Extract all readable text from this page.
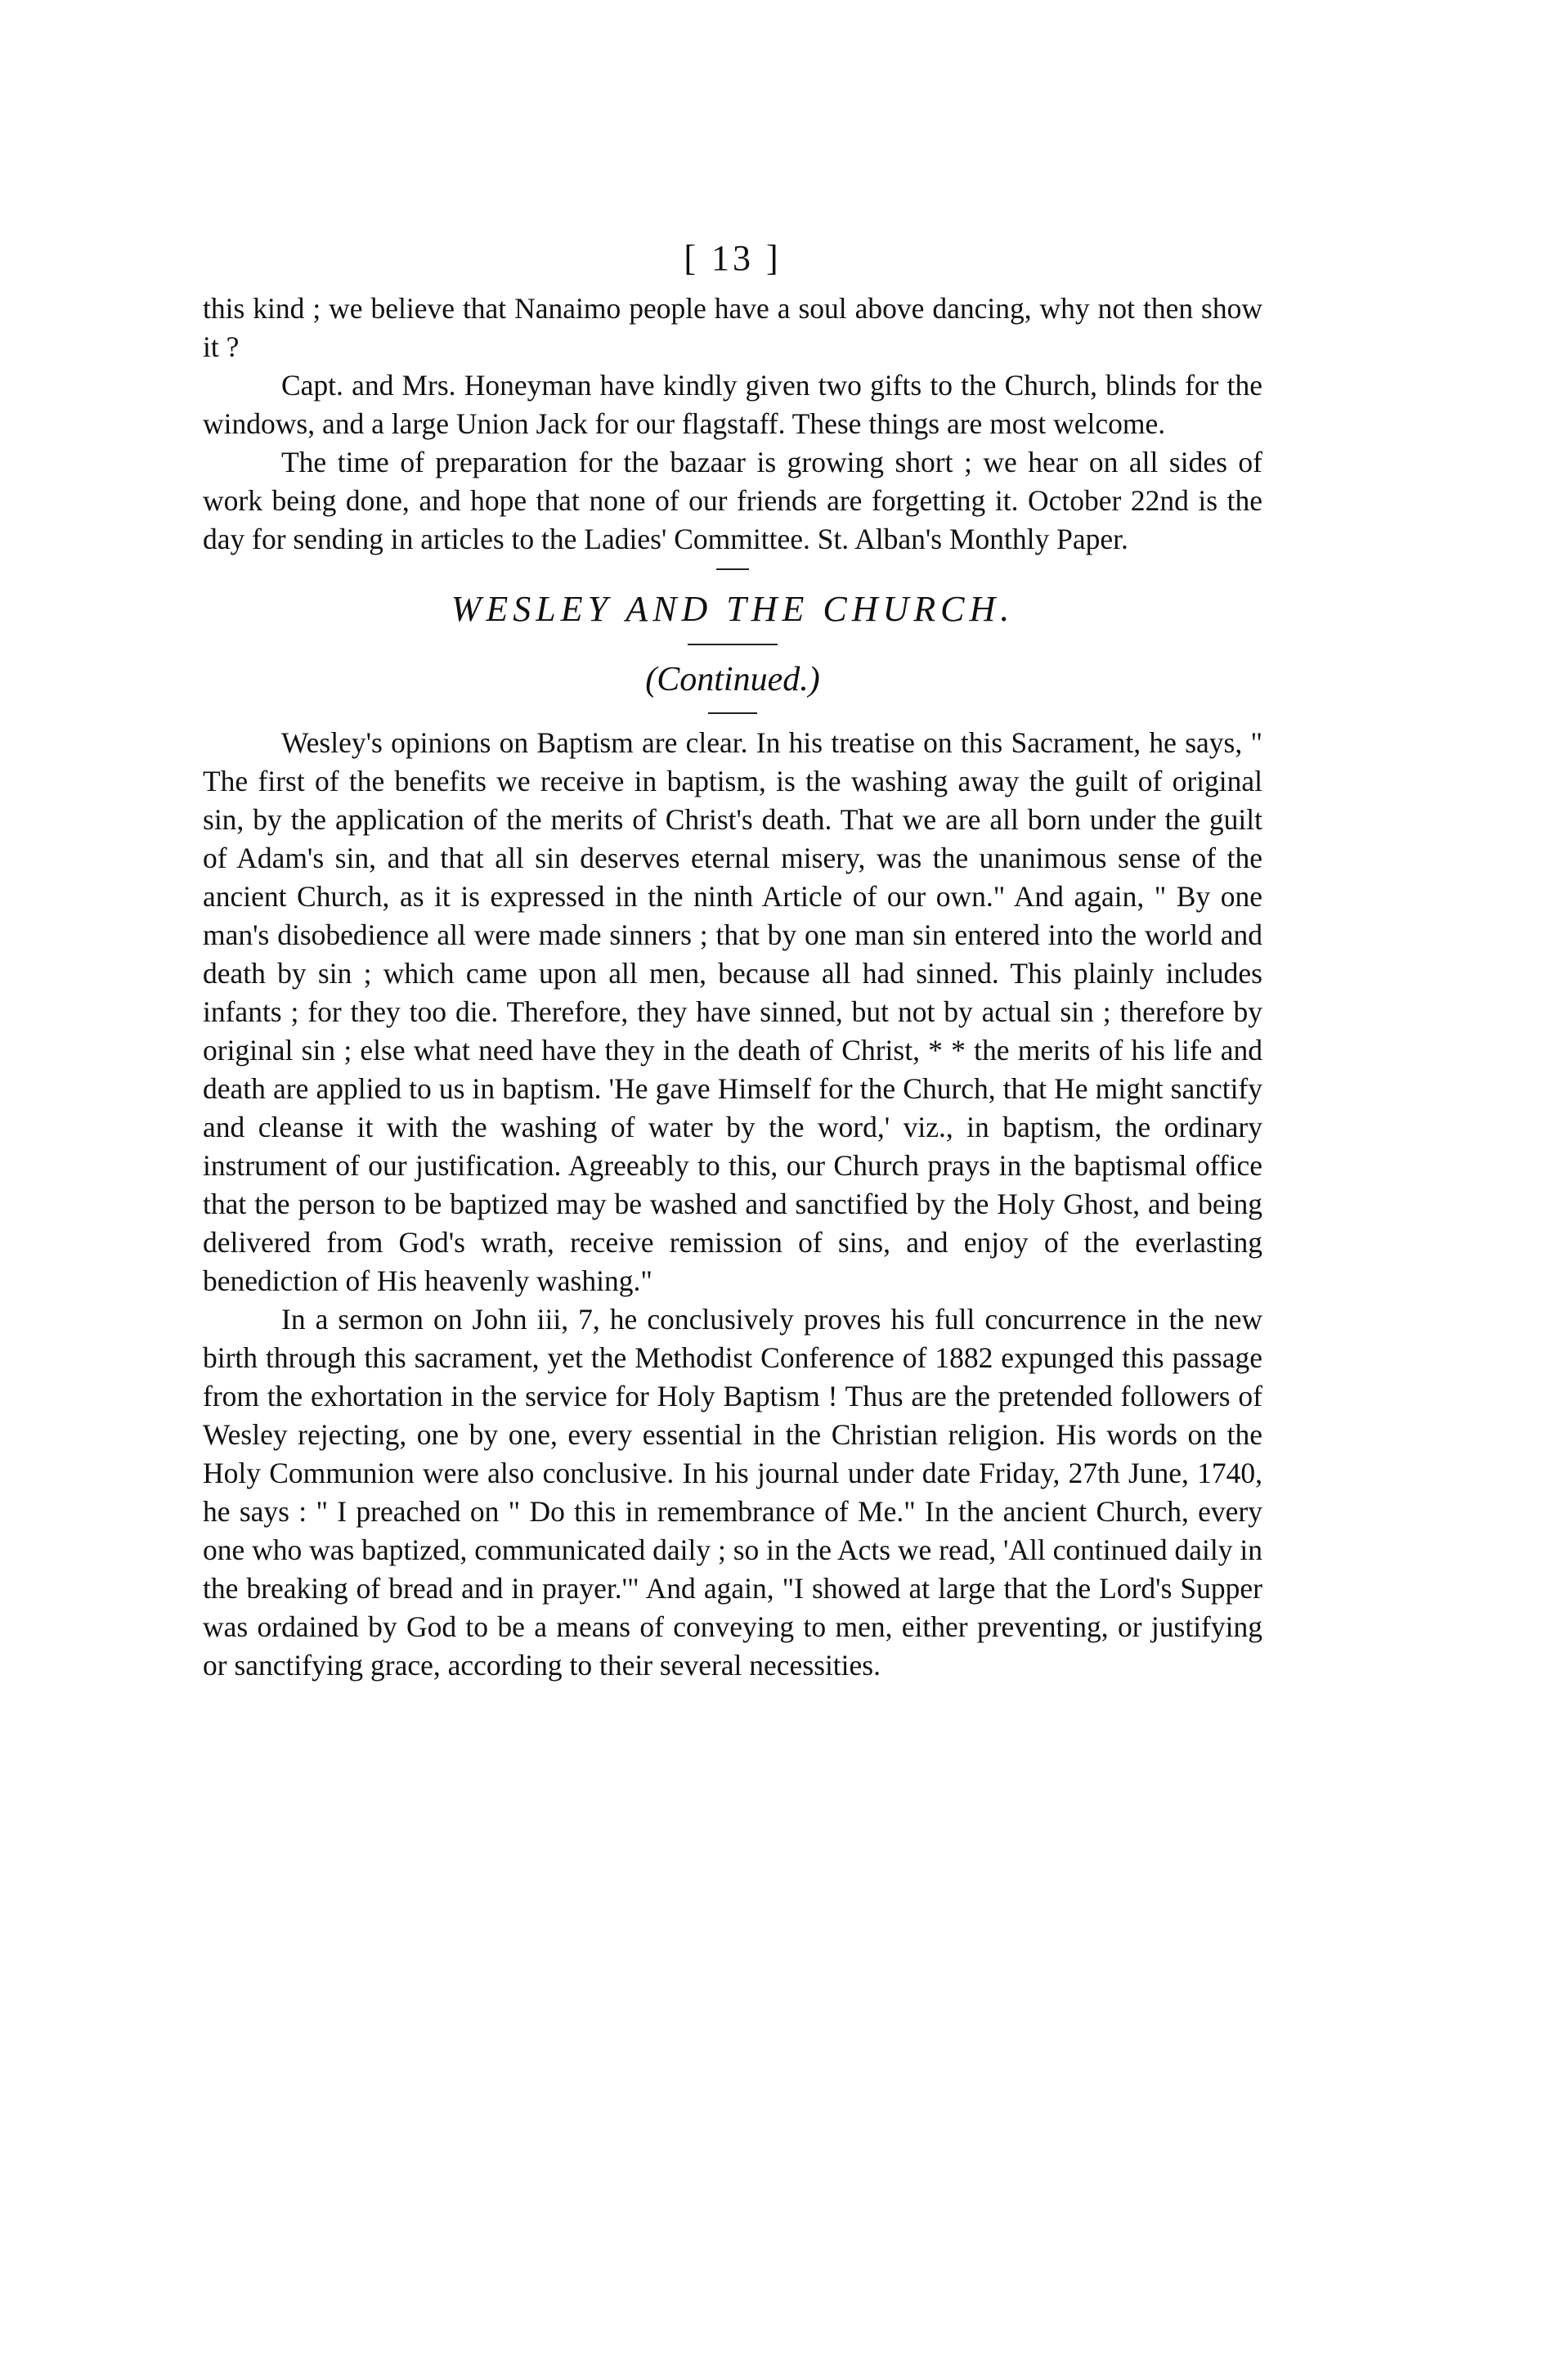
[ 13 ]

this kind ; we believe that Nanaimo people have a soul above dancing, why not then show it ?

Capt. and Mrs. Honeyman have kindly given two gifts to the Church, blinds for the windows, and a large Union Jack for our flagstaff. These things are most welcome.

The time of preparation for the bazaar is growing short ; we hear on all sides of work being done, and hope that none of our friends are forgetting it. October 22nd is the day for sending in articles to the Ladies' Committee. St. Alban's Monthly Paper.

WESLEY AND THE CHURCH.
(Continued.)

Wesley's opinions on Baptism are clear. In his treatise on this Sacrament, he says, " The first of the benefits we receive in baptism, is the washing away the guilt of original sin, by the application of the merits of Christ's death. That we are all born under the guilt of Adam's sin, and that all sin deserves eternal misery, was the unanimous sense of the ancient Church, as it is expressed in the ninth Article of our own." And again, " By one man's disobedience all were made sinners ; that by one man sin entered into the world and death by sin ; which came upon all men, because all had sinned. This plainly includes infants ; for they too die. Therefore, they have sinned, but not by actual sin ; therefore by original sin ; else what need have they in the death of Christ, * * the merits of his life and death are applied to us in baptism. 'He gave Himself for the Church, that He might sanctify and cleanse it with the washing of water by the word,' viz., in baptism, the ordinary instrument of our justification. Agreeably to this, our Church prays in the baptismal office that the person to be baptized may be washed and sanctified by the Holy Ghost, and being delivered from God's wrath, receive remission of sins, and enjoy of the everlasting benediction of His heavenly washing."

In a sermon on John iii, 7, he conclusively proves his full concurrence in the new birth through this sacrament, yet the Methodist Conference of 1882 expunged this passage from the exhortation in the service for Holy Baptism ! Thus are the pretended followers of Wesley rejecting, one by one, every essential in the Christian religion. His words on the Holy Communion were also conclusive. In his journal under date Friday, 27th June, 1740, he says : " I preached on " Do this in remembrance of Me." In the ancient Church, every one who was baptized, communicated daily ; so in the Acts we read, 'All continued daily in the breaking of bread and in prayer.'" And again, "I showed at large that the Lord's Supper was ordained by God to be a means of conveying to men, either preventing, or justifying or sanctifying grace, according to their several necessities.
